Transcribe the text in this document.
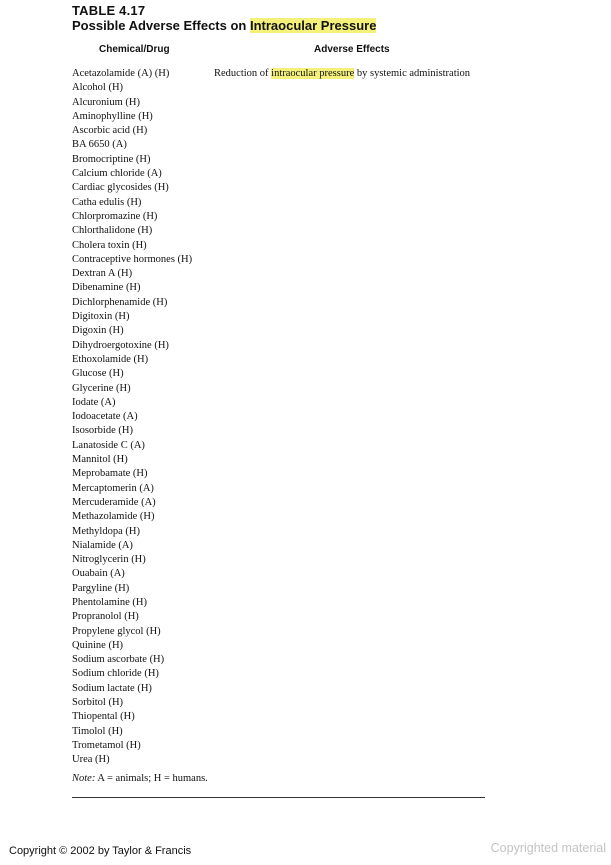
TABLE 4.17
Possible Adverse Effects on Intraocular Pressure
Chemical/Drug	Adverse Effects
Acetazolamide (A) (H)	Reduction of intraocular pressure by systemic administration
Alcohol (H)
Alcuronium (H)
Aminophylline (H)
Ascorbic acid (H)
BA 6650 (A)
Bromocriptine (H)
Calcium chloride (A)
Cardiac glycosides (H)
Catha edulis (H)
Chlorpromazine (H)
Chlorthalidone (H)
Cholera toxin (H)
Contraceptive hormones (H)
Dextran A (H)
Dibenamine (H)
Dichlorphenamide (H)
Digitoxin (H)
Digoxin (H)
Dihydroergotoxine (H)
Ethoxolamide (H)
Glucose (H)
Glycerine (H)
Iodate (A)
Iodoacetate (A)
Isosorbide (H)
Lanatoside C (A)
Mannitol (H)
Meprobamate (H)
Mercaptomerin (A)
Mercuderamide (A)
Methazolamide (H)
Methyldopa (H)
Nialamide (A)
Nitroglycerin (H)
Ouabain (A)
Pargyline (H)
Phentolamine (H)
Propranolol (H)
Propylene glycol (H)
Quinine (H)
Sodium ascorbate (H)
Sodium chloride (H)
Sodium lactate (H)
Sorbitol (H)
Thiopental (H)
Timolol (H)
Trometamol (H)
Urea (H)

Note: A = animals; H = humans.

Copyright © 2002 by Taylor & Francis	Copyrighted material
